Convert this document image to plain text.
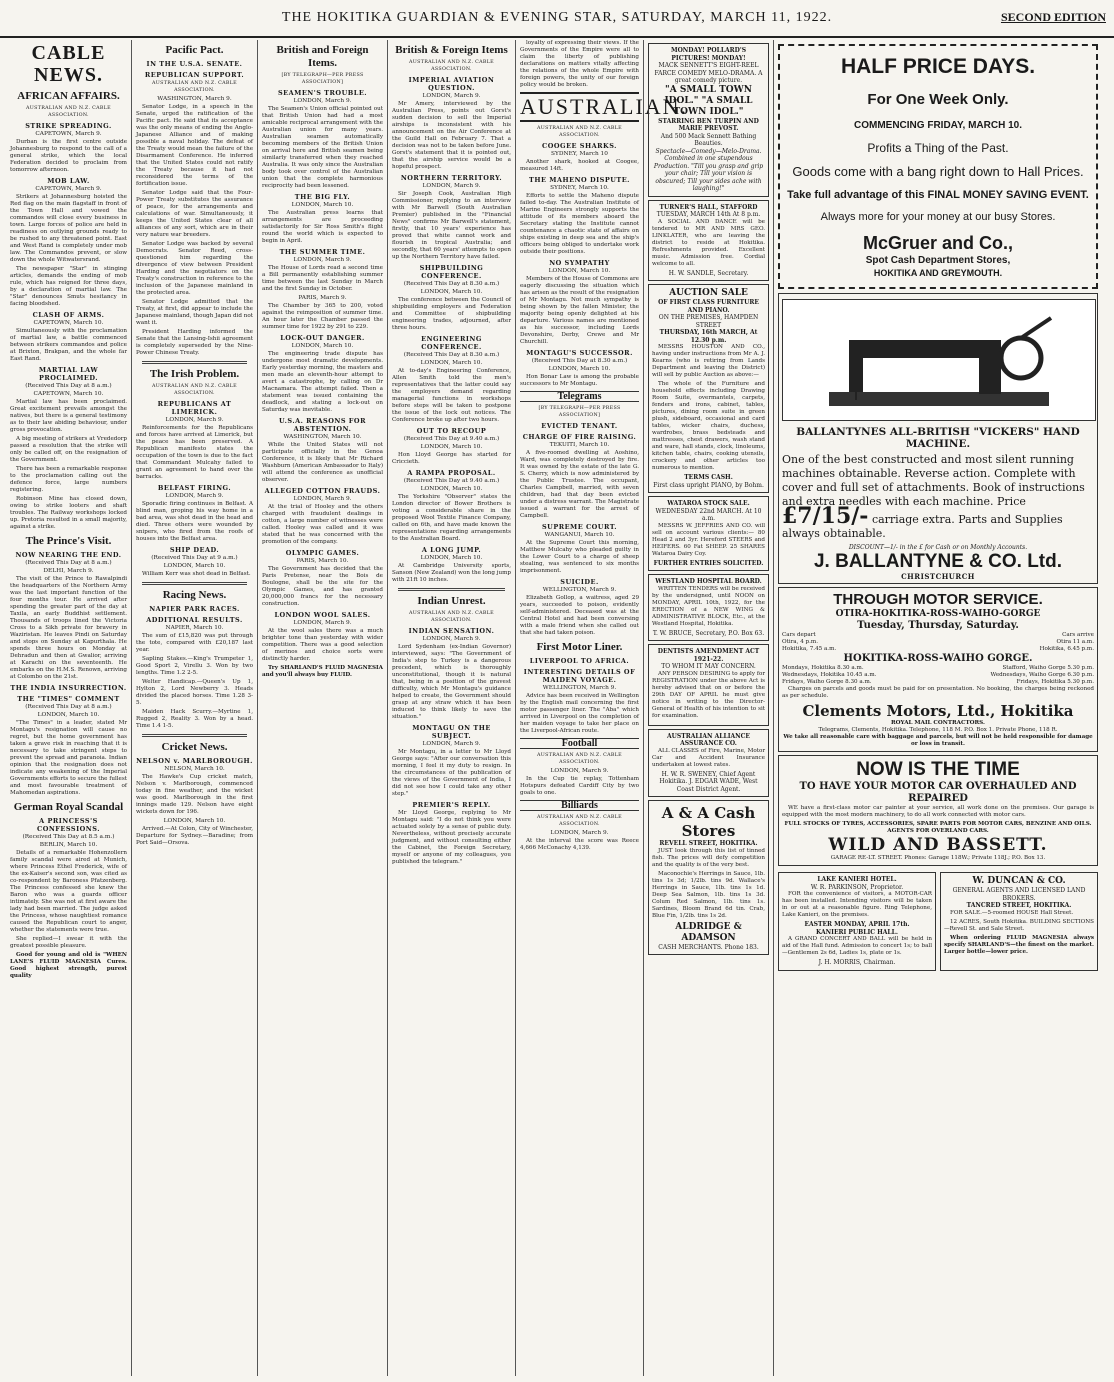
THE HOKITIKA GUARDIAN & EVENING STAR, SATURDAY, MARCH 11, 1922.	SECOND EDITION
CABLE NEWS.
AFRICAN AFFAIRS.
AUSTRALIAN AND N.Z. CABLE ASSOCIATION.
STRIKE SPREADING.
CAPETOWN, March 9.

Durban is the first centre outside Johannesburg to respond to the call of a general strike, which the local Federation decided to proclaim from tomorrow afternoon.

MOB LAW.
CAPETOWN, March 9.

Strikers at Johannesburg hoisted the Red flag on the main flagstaff in front of the Town Hall and vowed the commandos will close every business in town. Large forces of police are held in readiness on outlying grounds ready to be rushed to any threatened point. East and West Rand is completely under mob law. The Commandos prevent, or slow down the whole Witwatersrand.

The newspaper "Star" in stinging articles, demands the ending of mob rule, which has reigned for three days, by a declaration of martial law. The "Star" denounces Smuts hesitancy in facing bloodshed.

CLASH OF ARMS.
CAPETOWN, March 10.

Simultaneously with the proclamation of martial law, a battle commenced between strikers commandos and police at Brixton, Brakpan, and the whole far East Rand.

MARTIAL LAW PROCLAIMED.
(Received This Day at 8 a.m.)
CAPETOWN, March 10.

Martial law has been proclaimed. Great excitement prevails amongst the natives, but there is a general testimony as to their law abiding behaviour, under gross provocation.

A big meeting of strikers at Vrededorp passed a resolution that the strike will only be called off, on the resignation of the Government.

There has been a remarkable response to the proclamation calling out the defence force, large numbers registering.

Robinson Mine has closed down, owing to strike looters and shaft troubles. The Railway workshops locked up. Pretoria resulted in a small majority, against a strike.

The Prince's Visit.
NOW NEARING THE END.
(Received This Day at 8 a.m.)
DELHI, March 9.

The visit of the Prince to Rawalpindi the headquarters of the Northern Army was the last important function of the four months tour. He arrived after spending the greater part of the day at Taxila, an early Buddhist settlement. Thousands of troops lined the Victoria Cross to a Sikh private for bravery in Waziristan. He leaves Pindi on Saturday and stops on Sunday at Kapurthala. He spends three hours on Monday at Dehradun and then at Gwalior, arriving at Karachi on the seventeenth. He embarks on the H.M.S. Renown, arriving at Colombo on the 21st.

THE INDIA INSURRECTION.
THE "TIMES" COMMENT
(Received This Day at 8 a.m.)
LONDON, March 10.

"The Times" in a leader, stated Mr Montagu's resignation will cause no regret, but the home government has taken a grave risk in reaching that it is necessary to take stringent steps to prevent the spread and paranoia. Indian opinion that the resignation does not indicate any weakening of the Imperial Governments efforts to secure the fullest and most favourable treatment of Mahomedan aspirations.

German Royal Scandal
A PRINCESS'S CONFESSIONS.
(Received This Day at 8.5 a.m.)
BERLIN, March 10.

Details of a remarkable Hohenzollern family scandal were aired at Munich, where Princess Ethel Frederick, wife of the ex-Kaiser's second son, was cited as co-respondent by Baroness Pfatzenberg. The Princess confessed she knew the Baron who was a guards officer intimately. She was not at first aware the lady had been married. The judge asked the Princess, whose naughtiest romance caused the Republican court to anger, whether the statements were true.

She replied—I swear it with the greatest possible pleasure.

Good for young and old is "WHEN LANE'S FLUID MAGNESIA Cures. Good highest strength, purest quality

Pacific Pact.
IN THE U.S.A. SENATE.
REPUBLICAN SUPPORT.
AUSTRALIAN AND N.Z. CABLE ASSOCIATION.
WASHINGTON, March 9.

Senator Lodge, in a speech in the Senate, urged the ratification of the Pacific pact. He said that its acceptance was the only means of ending the Anglo-Japanese Alliance and of making possible a naval holiday. The defeat of the Treaty would mean the failure of the Disarmament Conference. He inferred that the United States could not ratify the Treaty because it had not reconsidered the terms of the fortification issue.

Senator Lodge said that the Four-Power Treaty substitutes the assurance of peace, for the arrangements and calculations of war. Simultaneously, it keeps the United States clear of all alliances of any sort, which are in their very nature war breeders.

Senator Lodge was backed by several Democrats. Senator Reed, cross-questioned him regarding the divergence of view between President Harding and the negotiators on the Treaty's construction in reference to the inclusion of the Japanese mainland in the protected area.

Senator Lodge admitted that the Treaty, at first, did appear to include the Japanese mainland, though Japan did not want it.

President Harding informed the Senate that the Lansing-Ishii agreement is completely superseded by the Nine-Power Chinese Treaty.

The Irish Problem.
AUSTRALIAN AND N.Z. CABLE ASSOCIATION.
REPUBLICANS AT LIMERICK.
LONDON, March 9.

Reinforcements for the Republicans and forces have arrived at Limerick, but the peace has been preserved. A Republican manifesto states the occupation of the town is due to the fact that Commandant Mulcahy failed to grant an agreement to hand over the barracks.

BELFAST FIRING.
LONDON, March 9.

Sporadic firing continues in Belfast. A blind man, groping his way home in a bad area, was shot dead in the head and died. Three others were wounded by snipers, who fired from the roofs of houses into the Belfast area.

SHIP DEAD.
(Received This Day at 9 a.m.)
LONDON, March 10.

William Kerr was shot dead in Belfast.

Racing News.
NAPIER PARK RACES.
ADDITIONAL RESULTS.
NAPIER, March 10.

The sum of £15,820 was put through the tote, compared with £20,187 last year.

Sapling Stakes.—King's Trumpeter 1, Good Sport 2, Virellu 3. Won by two lengths. Time 1.2 2-5.

Welter Handicap.—Queen's Up 1, Hylton 2, Lord Newberry 3. Heads divided the placed horses. Time 1.28 3-5.

Maiden Hack Scurry.—Myrtine 1, Rugged 2, Reality 3. Won by a head. Time 1.4 1-5.

Cricket News.
NELSON v. MARLBOROUGH.
NELSON, March 10.

The Hawke's Cup cricket match, Nelson v. Marlborough, commenced today in fine weather, and the wicket was good. Marlborough in the first innings made 129. Nelson have eight wickets down for 196.

LONDON, March 10.

Arrived.—At Colon, City of Winchester, Departure for Sydney.—Baradine; from Port Said—Orsova.

British and Foreign Items.
[BY TELEGRAPH—PER PRESS ASSOCIATION]
SEAMEN'S TROUBLE.
LONDON, March 9.

The Seamen's Union official pointed out that British Union had had a most amicable reciprocal arrangement with the Australian union for many years. Australian seamen automatically becoming members of the British Union on arrival here and British seamen being similarly transferred when they reached Australia. It was only since the Australian body took over control of the Australian union that the complete harmonious reciprocity had been lessened.

THE BIG FLY.
LONDON, March 10.

The Australian press learns that arrangements are proceeding satisfactorily for Sir Ross Smith's flight round the world which is expected to begin in April.

THE SUMMER TIME.
LONDON, March 9.

The House of Lords read a second time a Bill permanently establishing summer time between the last Sunday in March and the first Sunday in October.

PARIS, March 9.

The Chamber by 365 to 200, voted against the reimposition of summer time. An hour later the Chamber passed the summer time for 1922 by 291 to 229.

LOCK-OUT DANGER.
LONDON, March 10.

The engineering trade dispute has undergone most dramatic developments. Early yesterday morning, the masters and men made an eleventh-hour attempt to avert a catastrophe, by calling on Dr Macnamara. The attempt failed. Then a statement was issued containing the deadlock, and stating a lock-out on Saturday was inevitable.

U.S.A. REASONS FOR ABSTENTION.
WASHINGTON, March 10.

While the United States will not participate officially in the Genoa Conference, it is likely that Mr Richard Washburn (American Ambassador to Italy) will attend the conference as unofficial observer.

ALLEGED COTTON FRAUDS.
LONDON, March 9.

At the trial of Hooley and the others charged with fraudulent dealings in cotton, a large number of witnesses were called. Hooley was called and it was stated that he was concerned with the promotion of the company.

OLYMPIC GAMES.
PARIS, March 10.

The Government has decided that the Paris Pretense, near the Bois de Boulogne, shall be the site for the Olympic Games, and has granted 20,000,000 francs for the necessary construction.

LONDON WOOL SALES.
LONDON, March 9.

At the wool sales there was a much brighter tone than yesterday with wider competition. There was a good selection of merinos and choice sorts were distinctly harder.

Try SHARLAND'S FLUID MAGNESIA and you'll always buy FLUID.

British & Foreign Items
AUSTRALIAN AND N.Z. CABLE ASSOCIATION.
IMPERIAL AVIATION QUESTION.
LONDON, March 9.

Mr Amery, interviewed by the Australian Press, points out Gorst's sudden decision to sell the Imperial airships is inconsistent with his announcement on the Air Conference at the Guild Hall on February 7. That a decision was not to be taken before June. Gorst's statement that it is pointed out, that the airship service would be a hopeful prospect.

NORTHERN TERRITORY.
LONDON, March 9.

Sir Joseph Cook, Australian High Commissioner, replying to an interview with Mr Barwell (South Australian Premier) published in the "Financial News" confirms Mr Barwell's statement, firstly, that 10 years' experience has proved that white cannot work and flourish in tropical Australia; and secondly, that 60 years' attempts to open up the Northern Territory have failed.

SHIPBUILDING CONFERENCE.
(Received This Day at 8.30 a.m.)
LONDON, March 10.

The conference between the Council of shipbuilding employers and Federation and Committee of shipbuilding engineering trades, adjourned, after three hours.

ENGINEERING CONFERENCE.
(Received This Day at 8.30 a.m.)
LONDON, March 10.

At to-day's Engineering Conference, Allen Smith told the men's representatives that the latter could say the employers demand regarding managerial functions in workshops before steps will be taken to postpone the issue of the lock out notices. The Conference broke up after two hours.

OUT TO RECOUP
(Received This Day at 9.40 a.m.)
LONDON, March 10.

Hon Lloyd George has started for Criccieth.

A RAMPA PROPOSAL.
(Received This Day at 9.40 a.m.)
LONDON, March 10.

The Yorkshire "Observer" states the London director of Bower Brothers is voting a considerable share in the proposed Wool Textile Finance Company, called on 6th, and have made known the representations regarding arrangements to the Australian Board.

A LONG JUMP.
LONDON, March 10.

At Cambridge University sports, Sanson (New Zealand) won the long jump with 21ft 10 inches.

Indian Unrest.
AUSTRALIAN AND N.Z. CABLE ASSOCIATION.
INDIAN SENSATION.
LONDON, March 9.

Lord Sydenham (ex-Indian Governor) interviewed, says: "The Government of India's step to Turkey is a dangerous precedent, which is thoroughly unconstitutional, though it is natural that, being in a position of the gravest difficulty, which Mr Montagu's guidance helped to create, the Government should grasp at any straw which it has been induced to think likely to save the situation."

MONTAGU ON THE SUBJECT.
LONDON, March 9.

Mr Montagu, in a letter to Mr Lloyd George says: "After our conversation this morning, I feel it my duty to resign. In the circumstances of the publication of the views of the Government of India, I did not see how I could take any other step."

PREMIER'S REPLY.

Mr Lloyd George, replying to Mr Montagu said: "I do not think you were actuated solely by a sense of public duty. Nevertheless, without precisely accurate judgment, and without consulting either the Cabinet, the Foreign Secretary, myself or anyone of my colleagues, you published the telegram."

loyalty of expressing their views. If the Governments of the Empire were all to claim the liberty of publishing declarations on matters vitally affecting the relations of the whole Empire with foreign powers, the unity of our foreign policy would be broken.

AUSTRALIAN.
AUSTRALIAN AND N.Z. CABLE ASSOCIATION.
COOGEE SHARKS.
SYDNEY, March 10

Another shark, hooked at Coogee, measured 14ft.

THE MAHENO DISPUTE.
SYDNEY, March 10.

Efforts to settle the Maheno dispute failed to-day. The Australian Institute of Marine Engineers strongly supports the attitude of its members aboard the Secretary stating the Institute cannot countenance a chaotic state of affairs on ships existing in deep sea and the ship's officers being obliged to undertake work outside their positions.

NO SYMPATHY
LONDON, March 10.

Members of the House of Commons are eagerly discussing the situation which has arisen as the result of the resignation of Mr Montagu. Not much sympathy is being shown by the fallen Minister, the majority being openly delighted at his departure. Various names are mentioned as his successor, including Lords Devonshire, Derby, Crewe and Mr Churchill.

MONTAGU'S SUCCESSOR.
(Received This Day at 8.30 a.m.)
LONDON, March 10.

Hon Bonar Law is among the probable successors to Mr Montagu.

Telegrams
[BY TELEGRAPH—PER PRESS ASSOCIATION]
EVICTED TENANT.
CHARGE OF FIRE RAISING.
TEKUITI, March 10.

A five-roomed dwelling at Aoshino, Ward, was completely destroyed by fire. It was owned by the estate of the late G. S. Cherry, which is now administered by the Public Trustee. The occupant, Charles Campbell, married, with seven children, had that day been evicted under a distress warrant. The Magistrate issued a warrant for the arrest of Campbell.

SUPREME COURT.
WANGANUI, March 10.

At the Supreme Court this morning, Matthew Mulcahy who pleaded guilty in the Lower Court to a charge of sheep stealing, was sentenced to six months imprisonment.

SUICIDE.
WELLINGTON, March 9.

Elizabeth Gollop, a waitress, aged 29 years, succeeded to poison, evidently self-administered. Deceased was at the Central Hotel and had been conversing with a male friend when she called out that she had taken poison.

First Motor Liner.
LIVERPOOL TO AFRICA.
INTERESTING DETAILS OF MAIDEN VOYAGE.
WELLINGTON, March 9.

Advice has been received in Wellington by the English mail concerning the first motor passenger liner. The "Aba" which arrived in Liverpool on the completion of her maiden voyage to take her place on the Liverpool-African route.

Football
AUSTRALIAN AND N.Z. CABLE ASSOCIATION.
LONDON, March 9.

In the Cup tie replay, Tottenham Hotspurs defeated Cardiff City by two goals to one.

Billiards
AUSTRALIAN AND N.Z. CABLE ASSOCIATION.
LONDON, March 9.

At the interval the score was Reece 4,666 McConachy 4,139.

MONDAY! POLLARD'S PICTURES! MONDAY!
MACK SENNETT'S EIGHT-REEL FARCE COMEDY MELO-DRAMA. A great comedy picture.
"A SMALL TOWN IDOL." "A SMALL TOWN IDOL."
STARRING BEN TURPIN AND MARIE PREVOST.
And 500 Mack Sennett Bathing Beauties.
Spectacle—Comedy—Melo-Drama. Combined in one stupendous Production. "Till you grasp and grip your chair; Till your vision is obscured; Till your sides ache with laughing!"
TURNER'S HALL, STAFFORD
TUESDAY, MARCH 14th At 8 p.m.

A SOCIAL AND DANCE will be tendered to MR AND MRS GEO. LINKLATER, who are leaving the district to reside at Hokitika. Refreshments provided. Excellent music. Admission free. Cordial welcome to all.

H. W. SANDLE, Secretary.
AUCTION SALE
OF FIRST CLASS FURNITURE AND PIANO.
ON THE PREMISES, HAMPDEN STREET
THURSDAY, 16th MARCH, At 12.30 p.m.

MESSRS HOUSTON AND CO., having under instructions from Mr A. J. Kearns (who is retiring from Lands Department and leaving the District) will sell by public Auction as above:—

The whole of the Furniture and household effects including Drawing Room Suite, overmantels, carpets, fenders and irons, cabinet, tables, pictures, dining room suite in green plush, sideboard, occasional and card tables, wicker chairs, duchess, wardrobes, brass bedsteads and mattresses, chest drawers, wash stand and ware, hall stands, clock, linoleums, kitchen table, chairs, cooking utensils, crockery and other articles too numerous to mention.

TERMS CASH.
First class upright PIANO, by Bohm.
WATAROA STOCK SALE.
WEDNESDAY 22nd MARCH. At 10 a.m.

MESSRS W. JEFFRIES AND CO. will sell on account various clients:— 80 Head 2 and 3yr. Hereford STEERS and HEIFERS. 60 Fat SHEEP. 25 SHARES Wataroa Dairy Coy.

FURTHER ENTRIES SOLICITED.
WESTLAND HOSPITAL BOARD.

WRITTEN TENDERS will be received by the undersigned, until NOON on MONDAY, APRIL 10th, 1922, for the ERECTION of a NEW WING & ADMINISTRATIVE BLOCK, Etc., at the Westland Hospital, Hokitika.

T. W. BRUCE, Secretary, P.O. Box 63.
DENTISTS AMENDMENT ACT 1921-22.
TO WHOM IT MAY CONCERN.

ANY PERSON DESIRING to apply for REGISTRATION under the above Act is hereby advised that on or before the 29th DAY OF APRIL he must give notice in writing to the Director-General of Health of his intention to sit for examination.

AUSTRALIAN ALLIANCE ASSURANCE CO.

ALL CLASSES of Fire, Marine, Motor Car and Accident Insurance undertaken at lowest rates.

H. W. R. SWENEY, Chief Agent Hokitika. J. EDGAR WADE, West Coast District Agent.
A & A Cash Stores
REVELL STREET, HOKITIKA.

JUST look through this list of tinned fish. The prices will defy competition and the quality is of the very best.

Maconochie's Herrings in Sauce, 1lb. tins 1s 3d; 1/2lb. tins 9d. Wallace's Herrings in Sauce, 1lb. tins 1s 1d. Deep Sea Salmon, 1lb. tins 1s 3d. Colum Red Salmon, 1lb. tins 1s. Sardines, Bloom Brand 6d tin. Crab, Blue Fin, 1/2lb. tins 1s 2d.

ALDRIDGE & ADAMSON
CASH MERCHANTS. Phone 183.
HALF PRICE DAYS.
For One Week Only.
COMMENCING FRIDAY, MARCH 10.
Profits a Thing of the Past.
Goods come with a bang right down to Hall Prices.
Take full advantage of this FINAL MONEY SAVING EVENT.
Always more for your money at our busy Stores.
McGruer and Co.,
Spot Cash Department Stores,
HOKITIKA AND GREYMOUTH.
BALLANTYNES ALL-BRITISH "VICKERS" HAND MACHINE.
One of the best constructed and most silent running machines obtainable. Reverse action. Complete with cover and full set of attachments. Book of instructions and extra needles with each machine. Price £7/15/- carriage extra. Parts and Supplies always obtainable.
DISCOUNT—1/- in the £ for Cash or on Monthly Accounts.
J. BALLANTYNE & CO. Ltd.
CHRISTCHURCH
THROUGH MOTOR SERVICE.
OTIRA-HOKITIKA-ROSS-WAIHO-GORGE
Tuesday, Thursday, Saturday.
Cars depart	Cars arrive
Otira, 4 p.m.	Otira 11 a.m.
Hokitika, 7.45 a.m.	Hokitika, 6.45 p.m.
HOKITIKA-ROSS-WAIHO GORGE.
Mondays, Hokitika 8.30 a.m.	Stafford, Waiho Gorge 5.30 p.m.
Wednesdays, Hokitika 10.45 a.m.	Wednesdays, Waiho Gorge 6.30 p.m.
Fridays, Waiho Gorge 8.30 a.m.	Fridays, Hokitika 5.30 p.m.

Charges on parcels and goods must be paid for on presentation. No booking, the charges being reckoned as per schedule.

Clements Motors, Ltd., Hokitika
ROYAL MAIL CONTRACTORS.
Telegrams, Clements, Hokitika. Telephone, 118 M. P.O. Box 1. Private Phone, 118 R.
We take all reasonable care with baggage and parcels, but will not be held responsible for damage or loss in transit.
NOW IS THE TIME
TO HAVE YOUR MOTOR CAR OVERHAULED AND REPAIRED

WE have a first-class motor car painter at your service, all work done on the premises. Our garage is equipped with the most modern machinery, to do all work connected with motor cars.

FULL STOCKS OF TYRES, ACCESSORIES, SPARE PARTS FOR MOTOR CARS, BENZINE AND OILS. AGENTS FOR OVERLAND CARS.
WILD AND BASSETT.
GARAGE RE-LT. STREET. Phones: Garage 118W.; Private 118J.; P.O. Box 13.
LAKE KANIERI HOTEL.
W. R. PARKINSON, Proprietor.

FOR the convenience of visitors, a MOTOR-CAR has been installed. Intending visitors will be taken in or out at a reasonable figure. Ring Telephone, Lake Kanieri, on the premises.

EASTER MONDAY, APRIL 17th.
KANIERI PUBLIC HALL.

A GRAND CONCERT AND BALL will be held in aid of the Hall fund. Admission to concert 1s; to ball—Gentlemen 2s 6d, Ladies 1s, plate or 1s.

J. H. MORRIS, Chairman.
W. DUNCAN & CO.
GENERAL AGENTS AND LICENSED LAND BROKERS.
TANCRED STREET, HOKITIKA.

FOR SALE.—5-roomed HOUSE Hall Street.

12 ACRES, South Hokitika. BUILDING SECTIONS—Revell St. and Sale Street.

When ordering FLUID MAGNESIA always specify SHARLAND'S—the finest on the market. Larger bottle—lower price.
